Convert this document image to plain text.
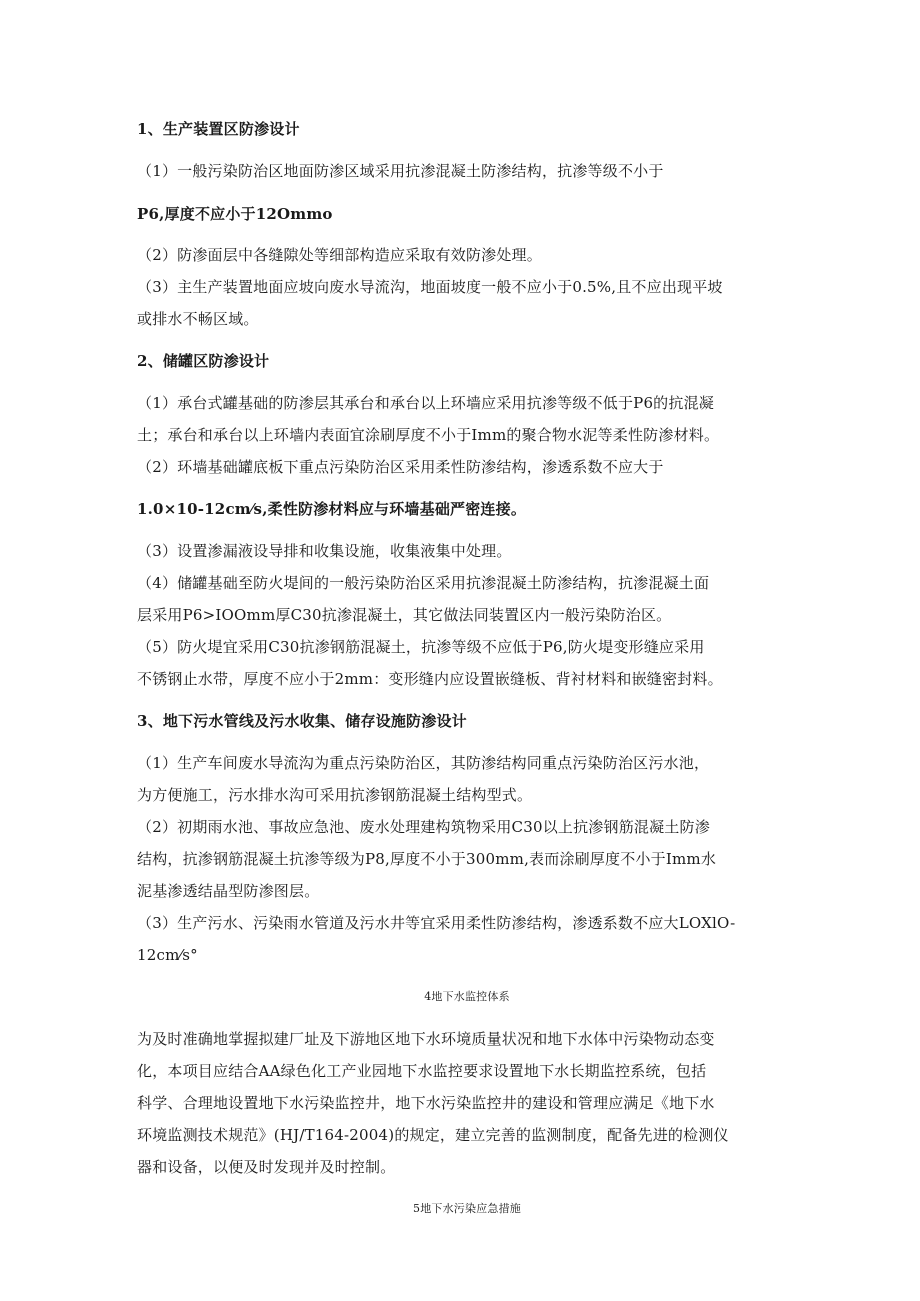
1、生产装置区防渗设计
（1）一般污染防治区地面防渗区域采用抗渗混凝土防渗结构，抗渗等级不小于
P6,厚度不应小于12Ommo
（2）防渗面层中各缝隙处等细部构造应采取有效防渗处理。
（3）主生产装置地面应坡向废水导流沟，地面坡度一般不应小于0.5%,且不应出现平坡
或排水不畅区域。
2、储罐区防渗设计
（1）承台式罐基础的防渗层其承台和承台以上环墙应采用抗渗等级不低于P6的抗混凝
土；承台和承台以上环墙内表面宜涂刷厚度不小于Imm的聚合物水泥等柔性防渗材料。
（2）环墙基础罐底板下重点污染防治区采用柔性防渗结构，渗透系数不应大于
1.0×10-12cm⁄s,柔性防渗材料应与环墙基础严密连接。
（3）设置渗漏液设导排和收集设施，收集液集中处理。
（4）储罐基础至防火堤间的一般污染防治区采用抗渗混凝土防渗结构，抗渗混凝土面
层采用P6>IOOmm厚C30抗渗混凝土，其它做法同装置区内一般污染防治区。
（5）防火堤宜采用C30抗渗钢筋混凝土，抗渗等级不应低于P6,防火堤变形缝应采用
不锈钢止水带，厚度不应小于2mm：变形缝内应设置嵌缝板、背衬材料和嵌缝密封料。
3、地下污水管线及污水收集、储存设施防渗设计
（1）生产车间废水导流沟为重点污染防治区，其防渗结构同重点污染防治区污水池，
为方便施工，污水排水沟可采用抗渗钢筋混凝土结构型式。
（2）初期雨水池、事故应急池、废水处理建构筑物采用C30以上抗渗钢筋混凝土防渗
结构，抗渗钢筋混凝土抗渗等级为P8,厚度不小于300mm,表而涂刷厚度不小于Imm水
泥基渗透结晶型防渗图层。
（3）生产污水、污染雨水管道及污水井等宜采用柔性防渗结构，渗透系数不应大LOXlO-
12cm⁄s°
4地下水监控体系
为及时准确地掌握拟建厂址及下游地区地下水环境质量状况和地下水体中污染物动态变
化，本项目应结合AA绿色化工产业园地下水监控要求设置地下水长期监控系统，包括
科学、合理地设置地下水污染监控井，地下水污染监控井的建设和管理应满足《地下水
环境监测技术规范》(HJ/T164-2004)的规定，建立完善的监测制度，配备先进的检测仪
器和设备，以便及时发现并及时控制。
5地下水污染应急措施
